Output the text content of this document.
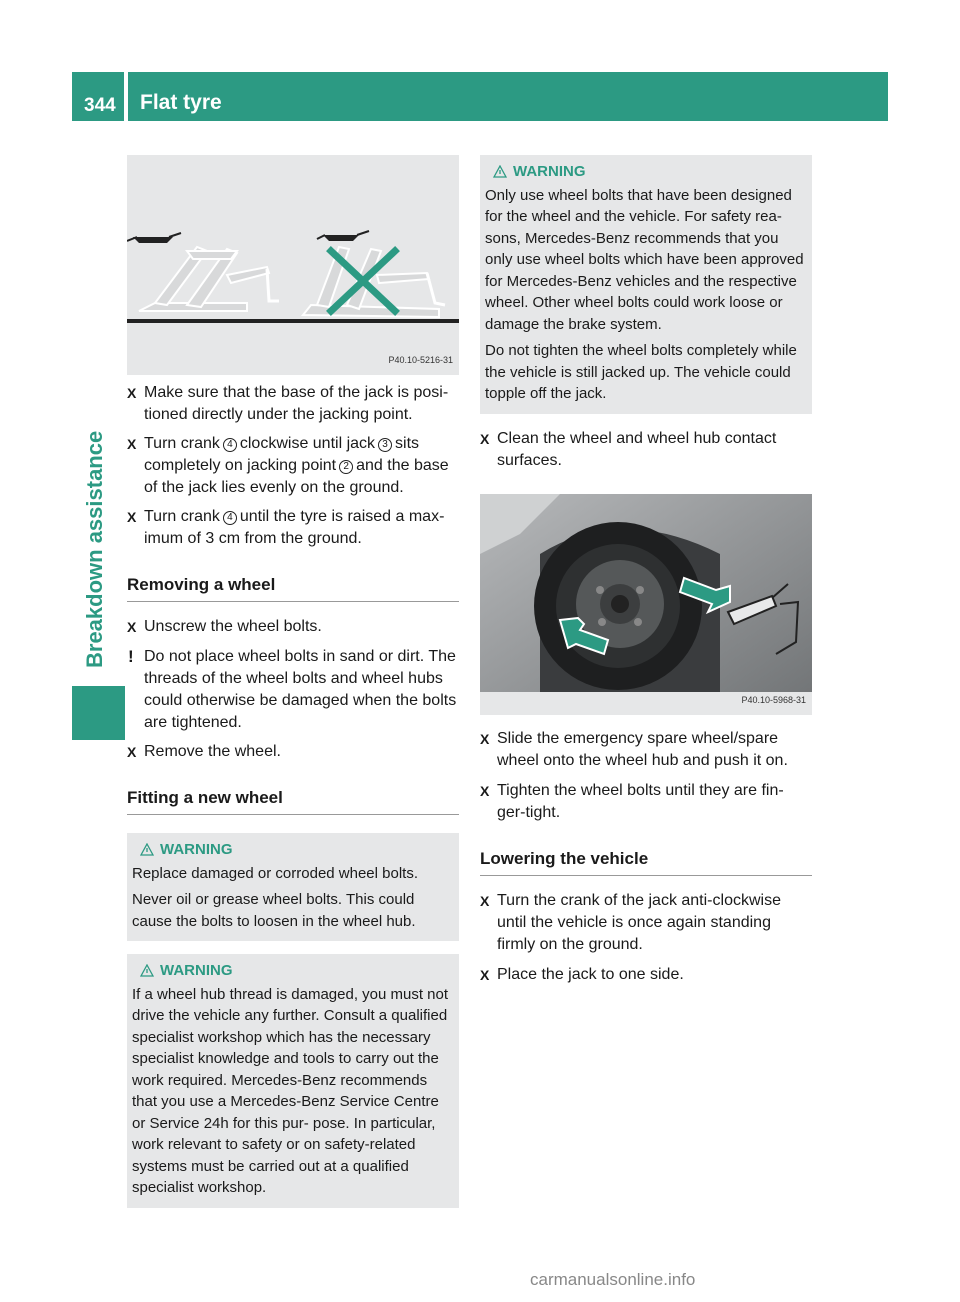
344	Flat tyre
Breakdown assistance
P40.10-5216-31
X Make sure that the base of the jack is posi- tioned directly under the jacking point.
X Turn crank 4 clockwise until jack 3 sits completely on jacking point 2 and the base of the jack lies evenly on the ground.
X Turn crank 4 until the tyre is raised a max- imum of 3 cm from the ground.
Removing a wheel
X Unscrew the wheel bolts.
! Do not place wheel bolts in sand or dirt. The threads of the wheel bolts and wheel hubs could otherwise be damaged when the bolts are tightened.
X Remove the wheel.
Fitting a new wheel
WARNING

Replace damaged or corroded wheel bolts.

Never oil or grease wheel bolts. This could cause the bolts to loosen in the wheel hub.

WARNING

If a wheel hub thread is damaged, you must not drive the vehicle any further. Consult a qualified specialist workshop which has the necessary specialist knowledge and tools to carry out the work required. Mercedes-Benz recommends that you use a Mercedes-Benz Service Centre or Service 24h for this pur- pose. In particular, work relevant to safety or on safety-related systems must be carried out at a qualified specialist workshop.

WARNING

Only use wheel bolts that have been designed for the wheel and the vehicle. For safety rea- sons, Mercedes-Benz recommends that you only use wheel bolts which have been approved for Mercedes-Benz vehicles and the respective wheel. Other wheel bolts could work loose or damage the brake system.

Do not tighten the wheel bolts completely while the vehicle is still jacked up. The vehicle could topple off the jack.

X Clean the wheel and wheel hub contact surfaces.
P40.10-5968-31
X Slide the emergency spare wheel/spare wheel onto the wheel hub and push it on.
X Tighten the wheel bolts until they are fin- ger-tight.
Lowering the vehicle
X Turn the crank of the jack anti-clockwise until the vehicle is once again standing firmly on the ground.
X Place the jack to one side.
carmanualsonline.info
